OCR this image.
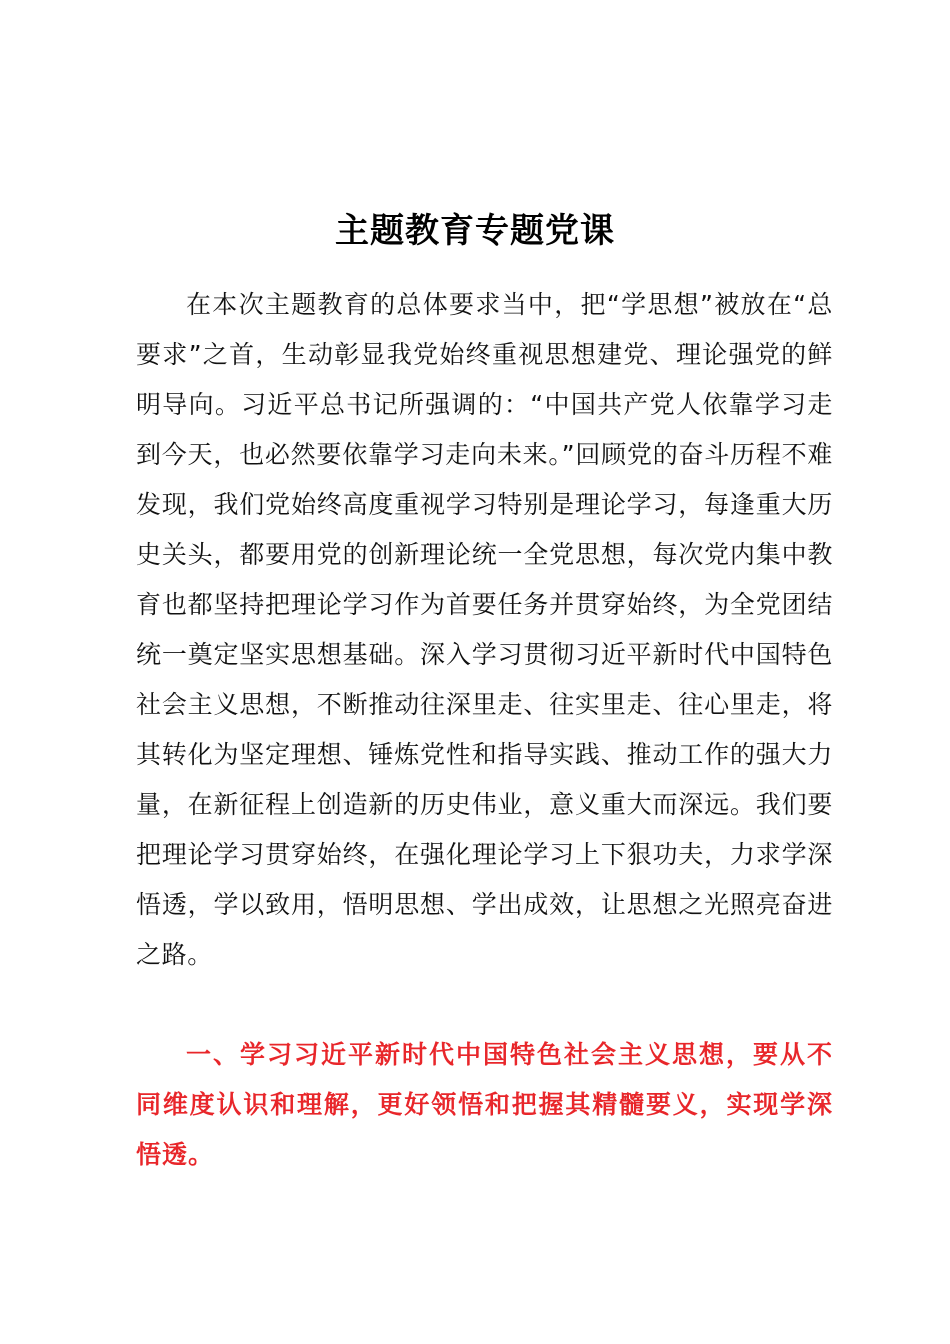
主题教育专题党课

在本次主题教育的总体要求当中，把“学思想”被放在“总要求”之首，生动彰显我党始终重视思想建党、理论强党的鲜明导向。习近平总书记所强调的：“中国共产党人依靠学习走到今天，也必然要依靠学习走向未来。”回顾党的奋斗历程不难发现，我们党始终高度重视学习特别是理论学习，每逢重大历史关头，都要用党的创新理论统一全党思想，每次党内集中教育也都坚持把理论学习作为首要任务并贯穿始终，为全党团结统一奠定坚实思想基础。深入学习贯彻习近平新时代中国特色社会主义思想，不断推动往深里走、往实里走、往心里走，将其转化为坚定理想、锤炼党性和指导实践、推动工作的强大力量，在新征程上创造新的历史伟业，意义重大而深远。我们要把理论学习贯穿始终，在强化理论学习上下狠功夫，力求学深悟透，学以致用，悟明思想、学出成效，让思想之光照亮奋进之路。

一、学习习近平新时代中国特色社会主义思想，要从不同维度认识和理解，更好领悟和把握其精髓要义，实现学深悟透。
